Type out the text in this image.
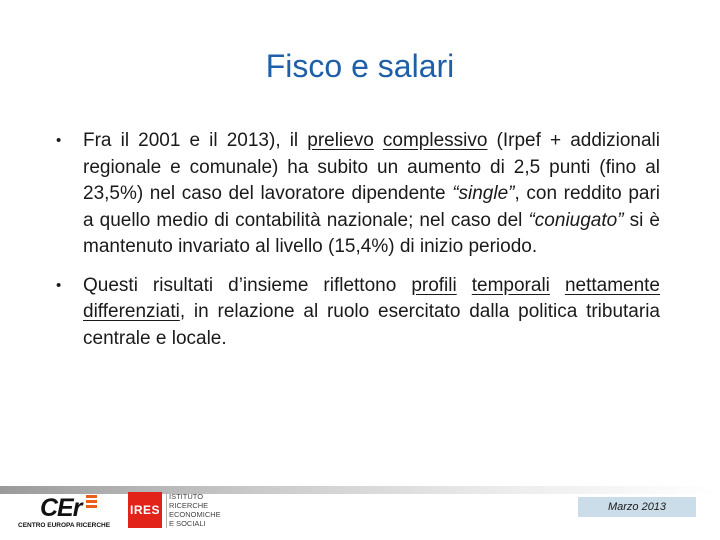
Fisco e salari
• Fra il 2001 e il 2013), il prelievo complessivo (Irpef + addizionali regionale e comunale) ha subito un aumento di 2,5 punti (fino al 23,5%) nel caso del lavoratore dipendente “single”, con reddito pari a quello medio di contabilità nazionale; nel caso del “coniugato” si è mantenuto invariato al livello (15,4%) di inizio periodo.
• Questi risultati d’insieme riflettono profili temporali nettamente differenziati, in relazione al ruolo esercitato dalla politica tributaria centrale e locale.
CEr
CENTRO EUROPA RICERCHE
IRES
ISTITUTO
RICERCHE
ECONOMICHE
E SOCIALI
Marzo 2013
